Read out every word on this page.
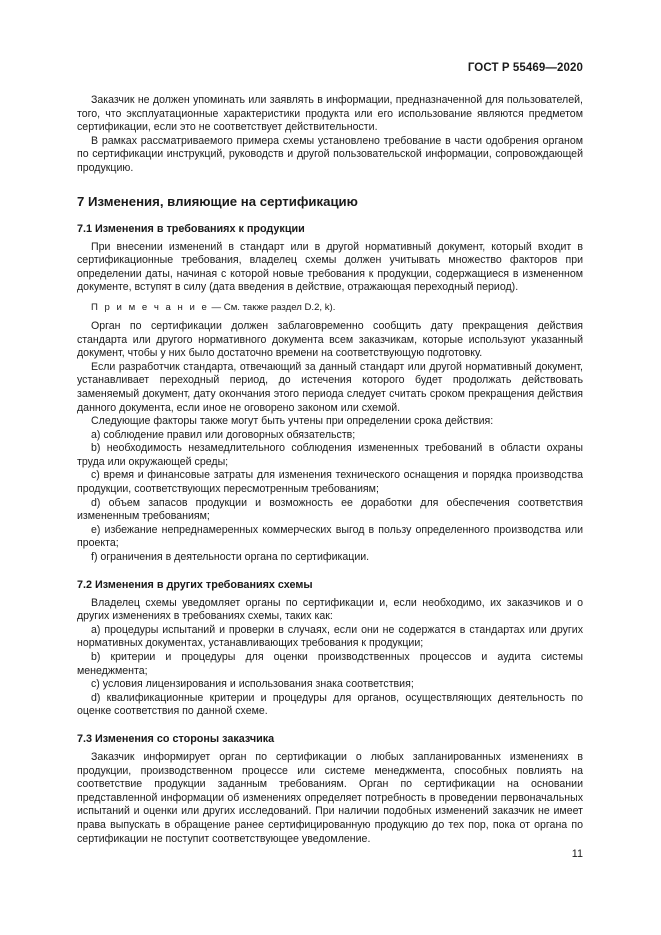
ГОСТ Р 55469—2020

Заказчик не должен упоминать или заявлять в информации, предназначенной для пользователей, того, что эксплуатационные характеристики продукта или его использование являются предметом сертификации, если это не соответствует действительности.

В рамках рассматриваемого примера схемы установлено требование в части одобрения органом по сертификации инструкций, руководств и другой пользовательской информации, сопровождающей продукцию.

7 Изменения, влияющие на сертификацию
7.1 Изменения в требованиях к продукции

При внесении изменений в стандарт или в другой нормативный документ, который входит в сертификационные требования, владелец схемы должен учитывать множество факторов при определении даты, начиная с которой новые требования к продукции, содержащиеся в измененном документе, вступят в силу (дата введения в действие, отражающая переходный период).

П р и м е ч а н и е — См. также раздел D.2, k).

Орган по сертификации должен заблаговременно сообщить дату прекращения действия стандарта или другого нормативного документа всем заказчикам, которые используют указанный документ, чтобы у них было достаточно времени на соответствующую подготовку.

Если разработчик стандарта, отвечающий за данный стандарт или другой нормативный документ, устанавливает переходный период, до истечения которого будет продолжать действовать заменяемый документ, дату окончания этого периода следует считать сроком прекращения действия данного документа, если иное не оговорено законом или схемой.

Следующие факторы также могут быть учтены при определении срока действия:

a) соблюдение правил или договорных обязательств;

b) необходимость незамедлительного соблюдения измененных требований в области охраны труда или окружающей среды;

c) время и финансовые затраты для изменения технического оснащения и порядка производства продукции, соответствующих пересмотренным требованиям;

d) объем запасов продукции и возможность ее доработки для обеспечения соответствия измененным требованиям;

e) избежание непреднамеренных коммерческих выгод в пользу определенного производства или проекта;

f) ограничения в деятельности органа по сертификации.

7.2 Изменения в других требованиях схемы

Владелец схемы уведомляет органы по сертификации и, если необходимо, их заказчиков и о других изменениях в требованиях схемы, таких как:

a) процедуры испытаний и проверки в случаях, если они не содержатся в стандартах или других нормативных документах, устанавливающих требования к продукции;

b) критерии и процедуры для оценки производственных процессов и аудита системы менеджмента;

c) условия лицензирования и использования знака соответствия;

d) квалификационные критерии и процедуры для органов, осуществляющих деятельность по оценке соответствия по данной схеме.

7.3 Изменения со стороны заказчика

Заказчик информирует орган по сертификации о любых запланированных изменениях в продукции, производственном процессе или системе менеджмента, способных повлиять на соответствие продукции заданным требованиям. Орган по сертификации на основании представленной информации об изменениях определяет потребность в проведении первоначальных испытаний и оценки или других исследований. При наличии подобных изменений заказчик не имеет права выпускать в обращение ранее сертифицированную продукцию до тех пор, пока от органа по сертификации не поступит соответствующее уведомление.

11
